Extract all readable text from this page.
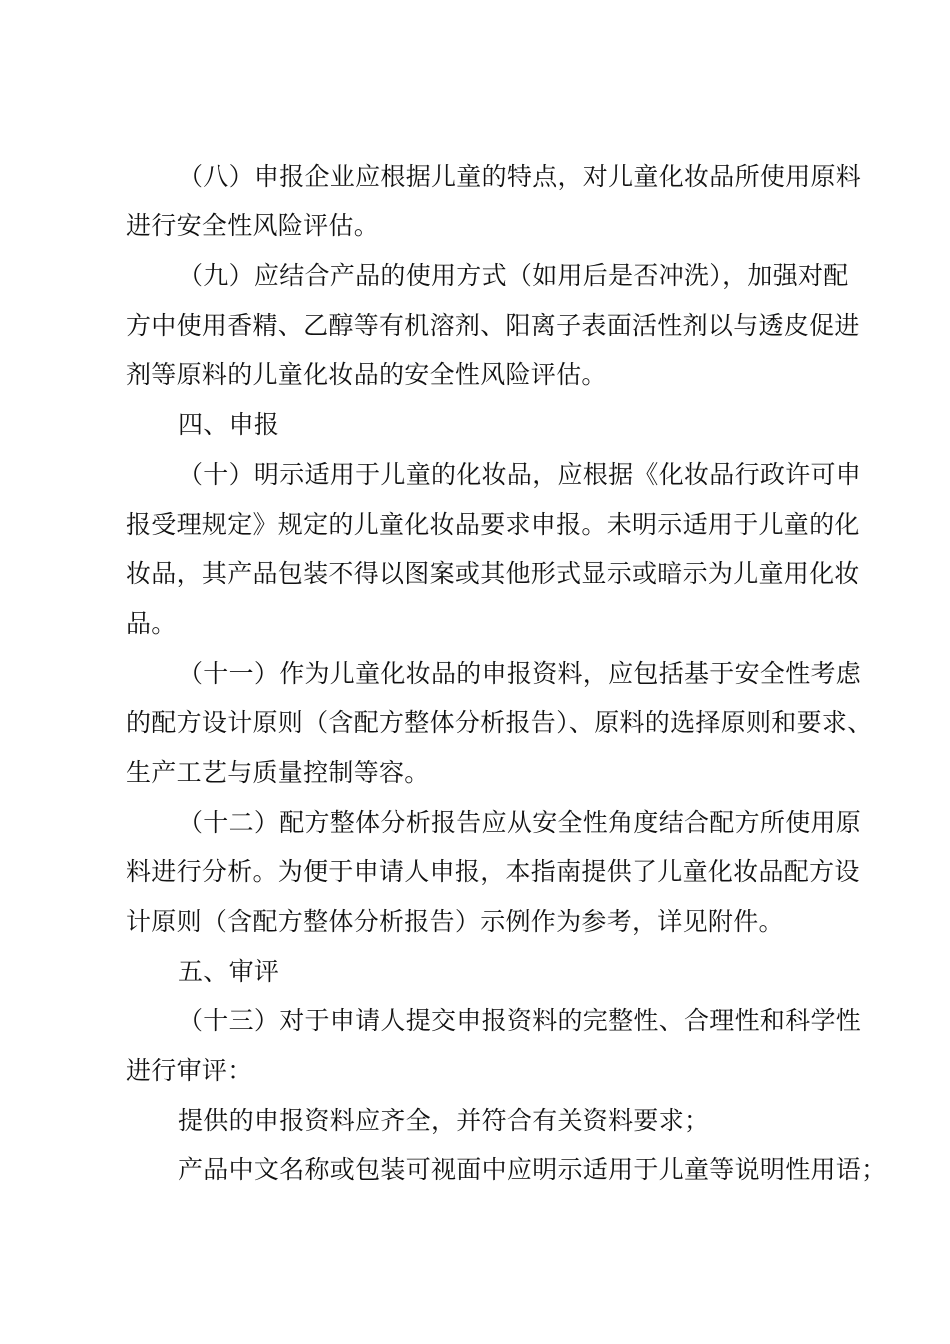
（八）申报企业应根据儿童的特点，对儿童化妆品所使用原料
进行安全性风险评估。
（九）应结合产品的使用方式（如用后是否冲洗），加强对配
方中使用香精、乙醇等有机溶剂、阳离子表面活性剂以与透皮促进
剂等原料的儿童化妆品的安全性风险评估。
四、申报
（十）明示适用于儿童的化妆品，应根据《化妆品行政许可申
报受理规定》规定的儿童化妆品要求申报。未明示适用于儿童的化
妆品，其产品包装不得以图案或其他形式显示或暗示为儿童用化妆
品。
（十一）作为儿童化妆品的申报资料，应包括基于安全性考虑
的配方设计原则（含配方整体分析报告）、原料的选择原则和要求、
生产工艺与质量控制等容。
（十二）配方整体分析报告应从安全性角度结合配方所使用原
料进行分析。为便于申请人申报，本指南提供了儿童化妆品配方设
计原则（含配方整体分析报告）示例作为参考，详见附件。
五、审评
（十三）对于申请人提交申报资料的完整性、合理性和科学性
进行审评：
提供的申报资料应齐全，并符合有关资料要求；
产品中文名称或包装可视面中应明示适用于儿童等说明性用语；
